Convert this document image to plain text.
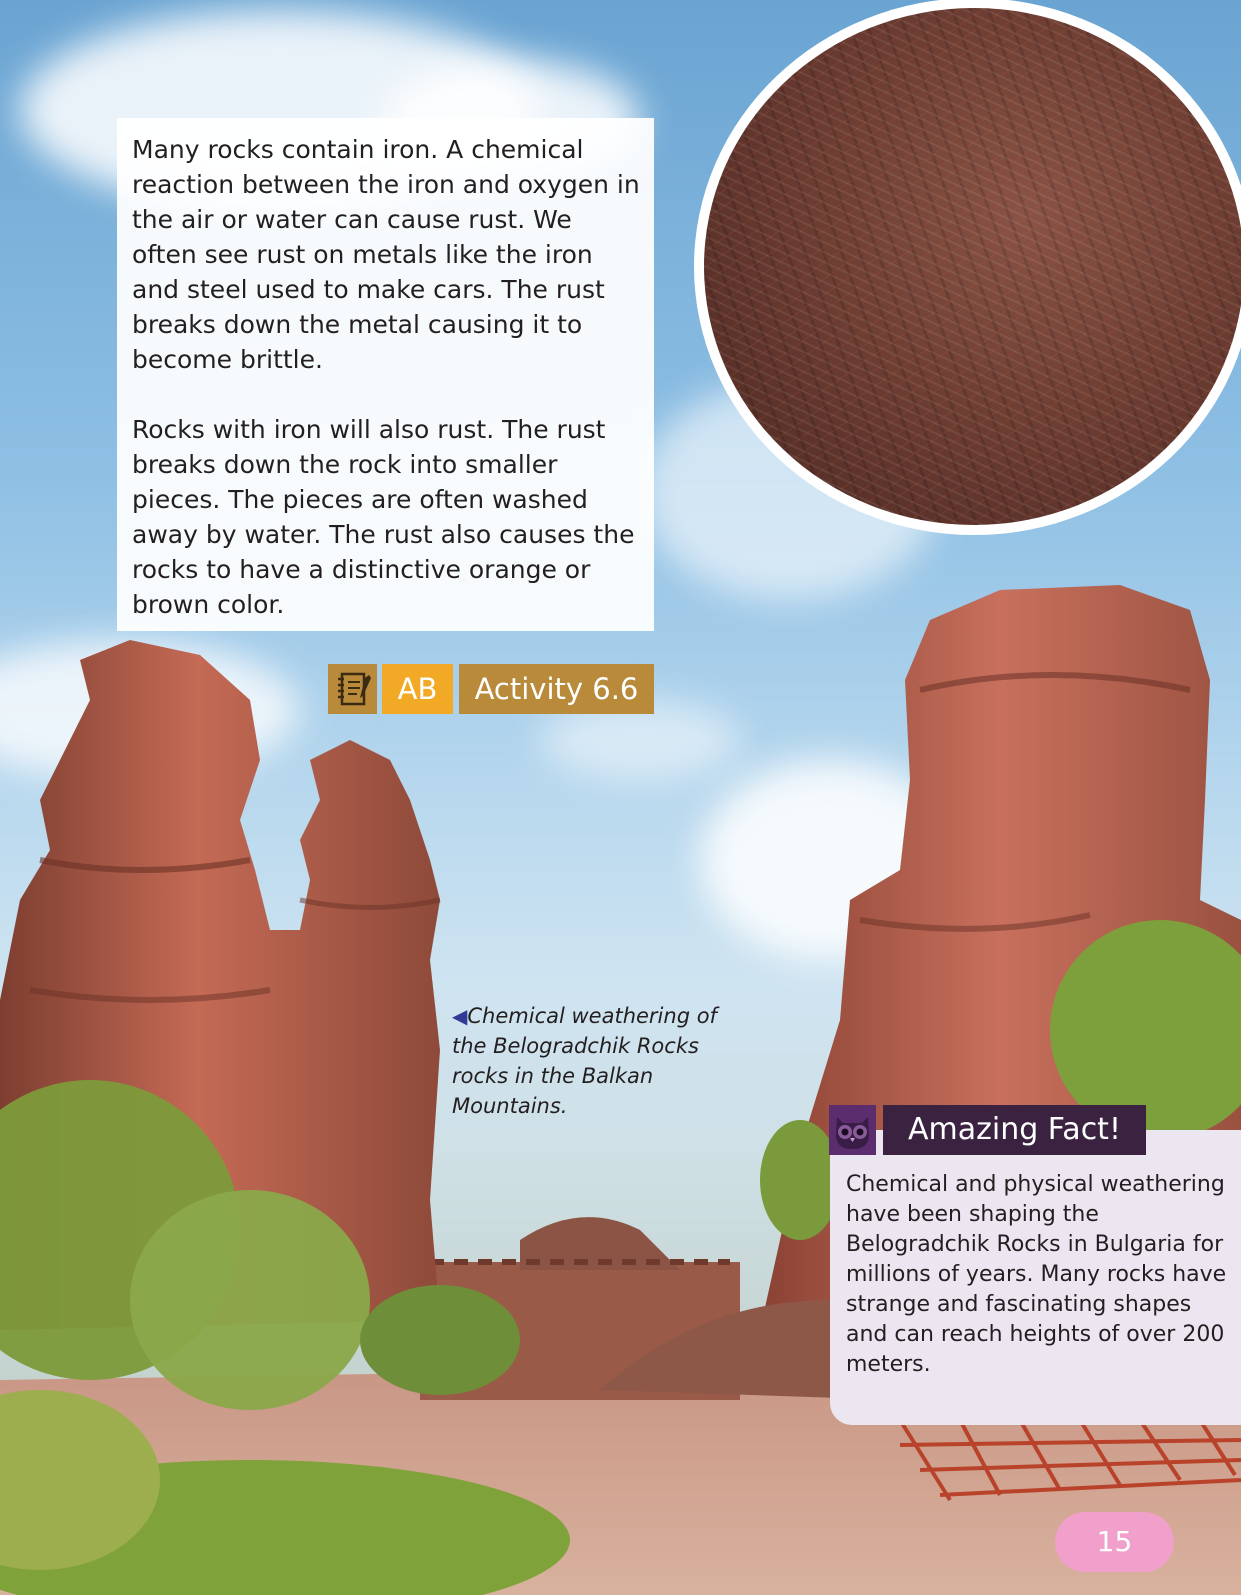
Many rocks contain iron. A chemical reaction between the iron and oxygen in the air or water can cause rust. We often see rust on metals like the iron and steel used to make cars. The rust breaks down the metal causing it to become brittle.

Rocks with iron will also rust. The rust breaks down the rock into smaller pieces. The pieces are often washed away by water. The rust also causes the rocks to have a distinctive orange or brown color.

AB	Activity 6.6
◀Chemical weathering of the Belogradchik Rocks rocks in the Balkan Mountains.

Chemical and physical weathering have been shaping the Belogradchik Rocks in Bulgaria for millions of years. Many rocks have strange and fascinating shapes and can reach heights of over 200 meters.

Amazing Fact!
15
